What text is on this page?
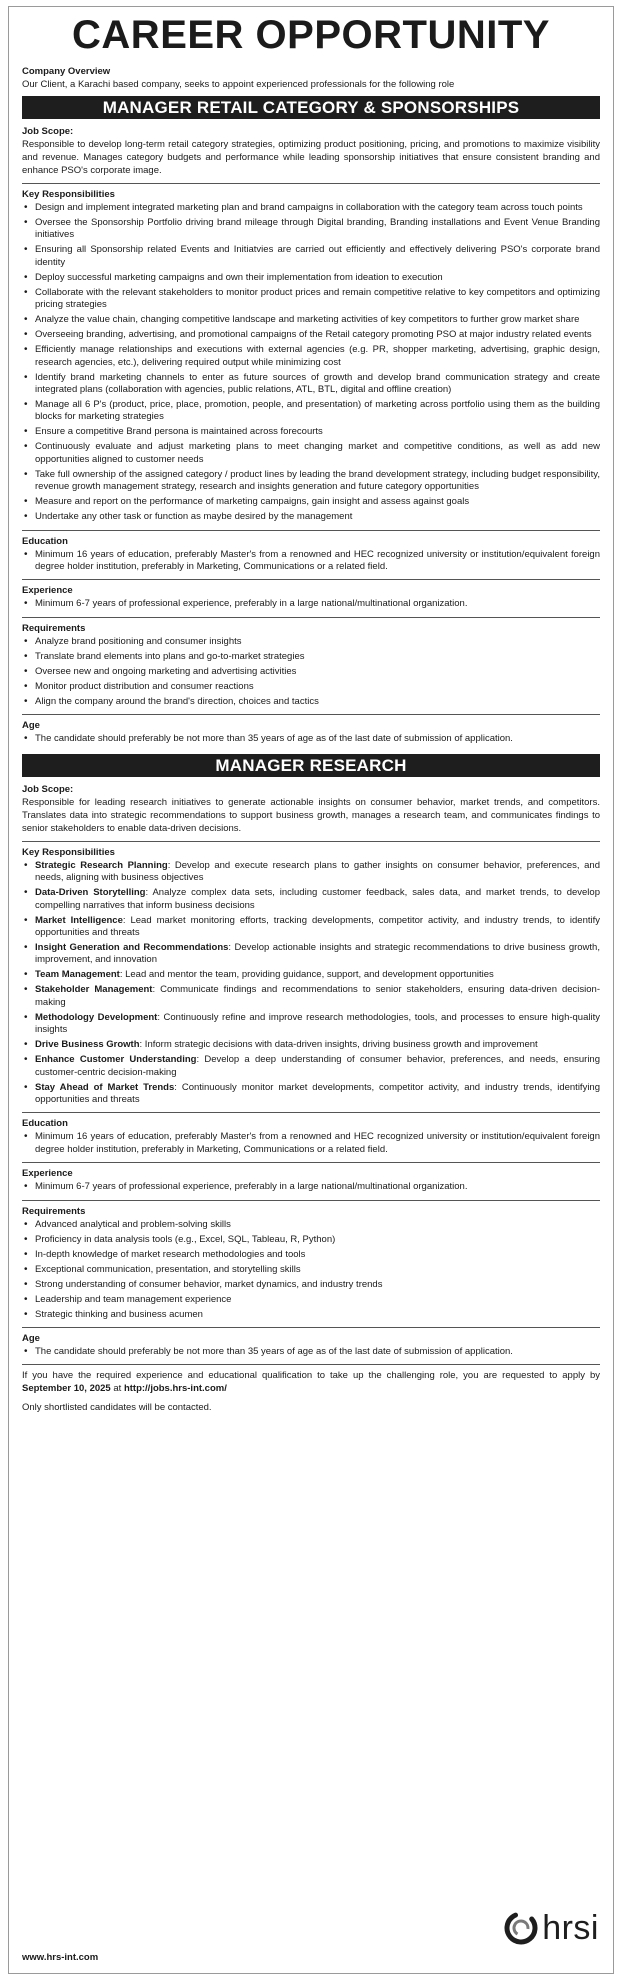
CAREER OPPORTUNITY
Company Overview
Our Client, a Karachi based company, seeks to appoint experienced professionals for the following role
MANAGER RETAIL CATEGORY & SPONSORSHIPS
Job Scope:
Responsible to develop long-term retail category strategies, optimizing product positioning, pricing, and promotions to maximize visibility and revenue. Manages category budgets and performance while leading sponsorship initiatives that ensure consistent branding and enhance PSO's corporate image.
Key Responsibilities
• Design and implement integrated marketing plan and brand campaigns in collaboration with the category team across touch points
• Oversee the Sponsorship Portfolio driving brand mileage through Digital branding, Branding installations and Event Venue Branding initiatives
• Ensuring all Sponsorship related Events and Initiatvies are carried out efficiently and effectively delivering PSO's corporate brand identity
• Deploy successful marketing campaigns and own their implementation from ideation to execution
• Collaborate with the relevant stakeholders to monitor product prices and remain competitive relative to key competitors and optimizing pricing strategies
• Analyze the value chain, changing competitive landscape and marketing activities of key competitors to further grow market share
• Overseeing branding, advertising, and promotional campaigns of the Retail category promoting PSO at major industry related events
• Efficiently manage relationships and executions with external agencies (e.g. PR, shopper marketing, advertising, graphic design, research agencies, etc.), delivering required output while minimizing cost
• Identify brand marketing channels to enter as future sources of growth and develop brand communication strategy and create integrated plans (collaboration with agencies, public relations, ATL, BTL, digital and offline creation)
• Manage all 6 P's (product, price, place, promotion, people, and presentation) of marketing across portfolio using them as the building blocks for marketing strategies
• Ensure a competitive Brand persona is maintained across forecourts
• Continuously evaluate and adjust marketing plans to meet changing market and competitive conditions, as well as add new opportunities aligned to customer needs
• Take full ownership of the assigned category / product lines by leading the brand development strategy, including budget responsibility, revenue growth management strategy, research and insights generation and future category opportunities
• Measure and report on the performance of marketing campaigns, gain insight and assess against goals
• Undertake any other task or function as maybe desired by the management
Education
• Minimum 16 years of education, preferably Master's from a renowned and HEC recognized university or institution/equivalent foreign degree holder institution, preferably in Marketing, Communications or a related field.
Experience
• Minimum 6-7 years of professional experience, preferably in a large national/multinational organization.
Requirements
• Analyze brand positioning and consumer insights
• Translate brand elements into plans and go-to-market strategies
• Oversee new and ongoing marketing and advertising activities
• Monitor product distribution and consumer reactions
• Align the company around the brand's direction, choices and tactics
Age
• The candidate should preferably be not more than 35 years of age as of the last date of submission of application.
MANAGER RESEARCH
Job Scope:
Responsible for leading research initiatives to generate actionable insights on consumer behavior, market trends, and competitors. Translates data into strategic recommendations to support business growth, manages a research team, and communicates findings to senior stakeholders to enable data-driven decisions.
Key Responsibilities
• Strategic Research Planning: Develop and execute research plans to gather insights on consumer behavior, preferences, and needs, aligning with business objectives
• Data-Driven Storytelling: Analyze complex data sets, including customer feedback, sales data, and market trends, to develop compelling narratives that inform business decisions
• Market Intelligence: Lead market monitoring efforts, tracking developments, competitor activity, and industry trends, to identify opportunities and threats
• Insight Generation and Recommendations: Develop actionable insights and strategic recommendations to drive business growth, improvement, and innovation
• Team Management: Lead and mentor the team, providing guidance, support, and development opportunities
• Stakeholder Management: Communicate findings and recommendations to senior stakeholders, ensuring data-driven decision-making
• Methodology Development: Continuously refine and improve research methodologies, tools, and processes to ensure high-quality insights
• Drive Business Growth: Inform strategic decisions with data-driven insights, driving business growth and improvement
• Enhance Customer Understanding: Develop a deep understanding of consumer behavior, preferences, and needs, ensuring customer-centric decision-making
• Stay Ahead of Market Trends: Continuously monitor market developments, competitor activity, and industry trends, identifying opportunities and threats
Education
• Minimum 16 years of education, preferably Master's from a renowned and HEC recognized university or institution/equivalent foreign degree holder institution, preferably in Marketing, Communications or a related field.
Experience
• Minimum 6-7 years of professional experience, preferably in a large national/multinational organization.
Requirements
• Advanced analytical and problem-solving skills
• Proficiency in data analysis tools (e.g., Excel, SQL, Tableau, R, Python)
• In-depth knowledge of market research methodologies and tools
• Exceptional communication, presentation, and storytelling skills
• Strong understanding of consumer behavior, market dynamics, and industry trends
• Leadership and team management experience
• Strategic thinking and business acumen
Age
• The candidate should preferably be not more than 35 years of age as of the last date of submission of application.
If you have the required experience and educational qualification to take up the challenging role, you are requested to apply by September 10, 2025 at http://jobs.hrs-int.com/
Only shortlisted candidates will be contacted.
hrsi
www.hrs-int.com
